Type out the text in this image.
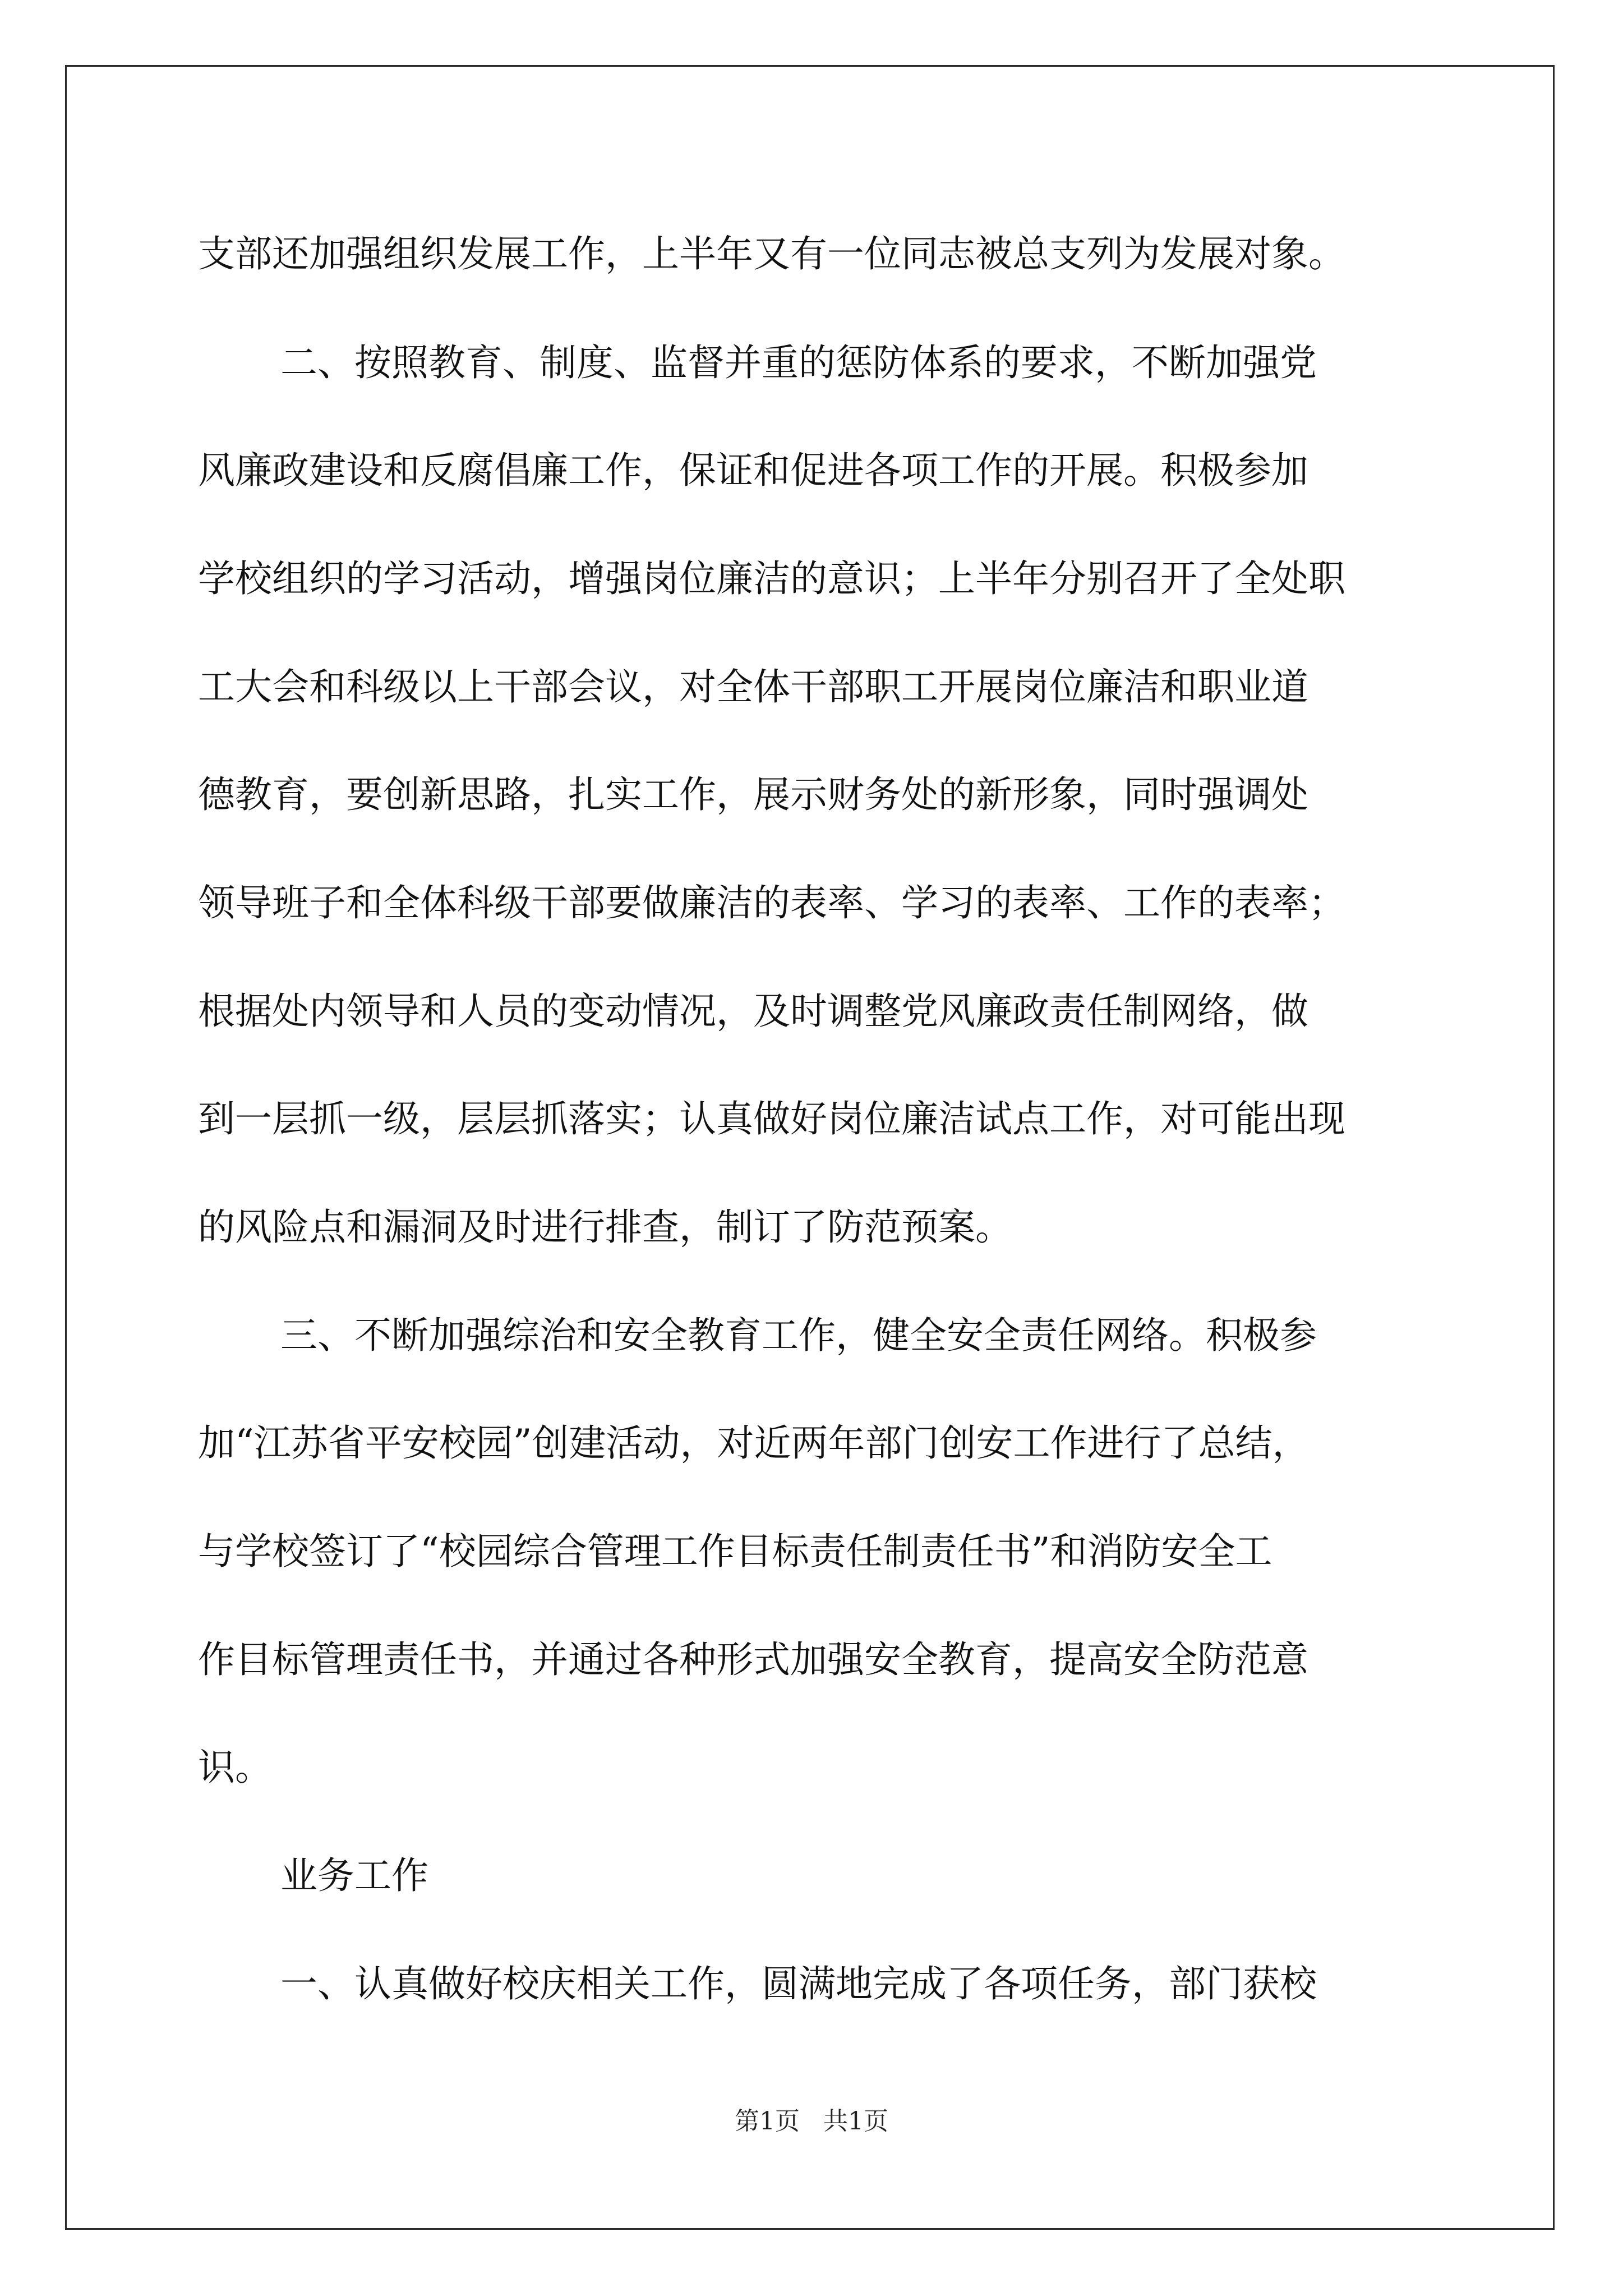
支部还加强组织发展工作，上半年又有一位同志被总支列为发展对象。
二、按照教育、制度、监督并重的惩防体系的要求，不断加强党
风廉政建设和反腐倡廉工作，保证和促进各项工作的开展。积极参加
学校组织的学习活动，增强岗位廉洁的意识；上半年分别召开了全处职
工大会和科级以上干部会议，对全体干部职工开展岗位廉洁和职业道
德教育，要创新思路，扎实工作，展示财务处的新形象，同时强调处
领导班子和全体科级干部要做廉洁的表率、学习的表率、工作的表率；
根据处内领导和人员的变动情况，及时调整党风廉政责任制网络，做
到一层抓一级，层层抓落实；认真做好岗位廉洁试点工作，对可能出现
的风险点和漏洞及时进行排查，制订了防范预案。
三、不断加强综治和安全教育工作，健全安全责任网络。积极参
加“江苏省平安校园”创建活动，对近两年部门创安工作进行了总结，
与学校签订了“校园综合管理工作目标责任制责任书”和消防安全工
作目标管理责任书，并通过各种形式加强安全教育，提高安全防范意
识。
业务工作
一、认真做好校庆相关工作，圆满地完成了各项任务，部门获校
第1页   共1页
